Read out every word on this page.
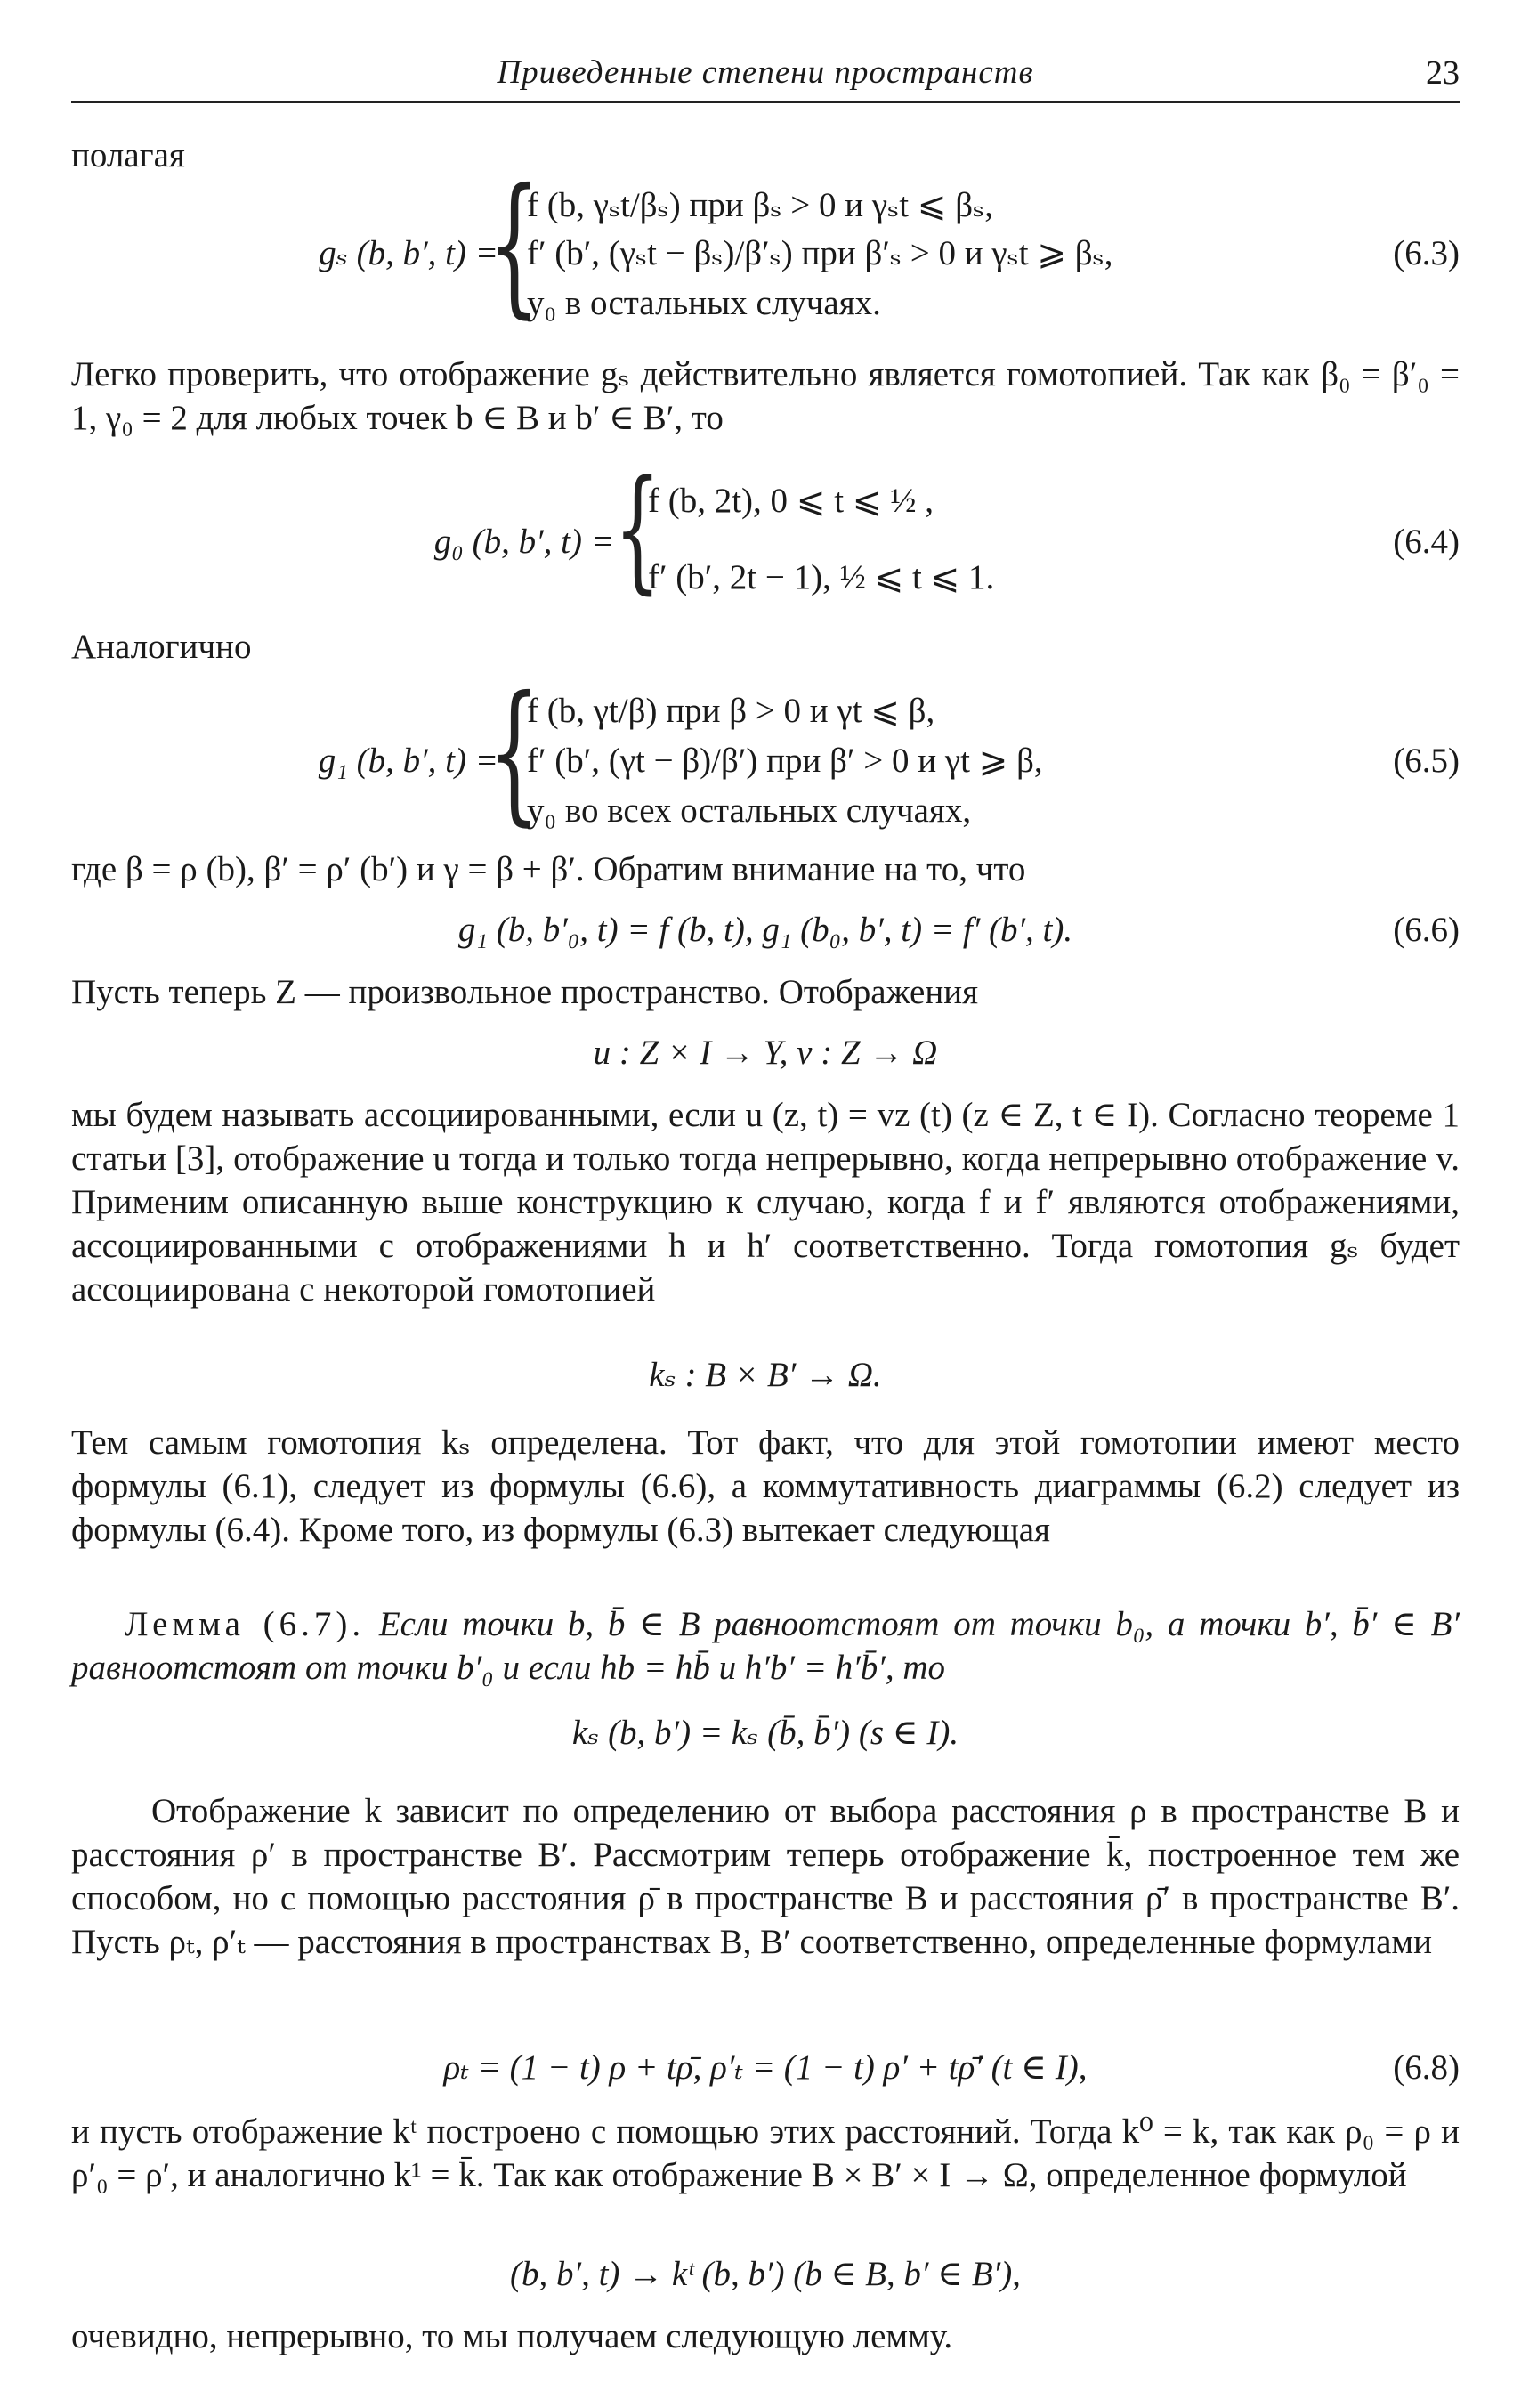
Приведенные степени пространств	23
полагая
gₛ (b, b′, t) =
{
f (b, γₛt/βₛ) при βₛ > 0 и γₛt ⩽ βₛ,
f′ (b′, (γₛt − βₛ)/β′ₛ) при β′ₛ > 0 и γₛt ⩾ βₛ,
y₀ в остальных случаях.
(6.3)
Легко проверить, что отображение gₛ действительно является гомотопией. Так как β₀ = β′₀ = 1, γ₀ = 2 для любых точек b ∈ B и b′ ∈ B′, то
g₀ (b, b′, t) = {
f (b, 2t), 0 ⩽ t ⩽ ½ ,
f′ (b′, 2t − 1), ½ ⩽ t ⩽ 1.
(6.4)
Аналогично
g₁ (b, b′, t) =
{
f (b, γt/β) при β > 0 и γt ⩽ β,
f′ (b′, (γt − β)/β′) при β′ > 0 и γt ⩾ β,
y₀ во всех остальных случаях,
(6.5)
где β = ρ (b), β′ = ρ′ (b′) и γ = β + β′. Обратим внимание на то, что
g₁ (b, b′₀, t) = f (b, t), g₁ (b₀, b′, t) = f′ (b′, t).	(6.6)
Пусть теперь Z — произвольное пространство. Отображения
u : Z × I → Y, v : Z → Ω
мы будем называть ассоциированными, если u (z, t) = vz (t) (z ∈ Z, t ∈ I). Согласно теореме 1 статьи [3], отображение u тогда и только тогда непрерывно, когда непрерывно отображение v. Применим описанную выше конструкцию к случаю, когда f и f′ являются отображениями, ассоциированными с отображениями h и h′ соответственно. Тогда гомотопия gₛ будет ассоциирована с некоторой гомотопией
kₛ : B × B′ → Ω.
Тем самым гомотопия kₛ определена. Тот факт, что для этой гомотопии имеют место формулы (6.1), следует из формулы (6.6), а коммутативность диаграммы (6.2) следует из формулы (6.4). Кроме того, из формулы (6.3) вытекает следующая
Лемма (6.7). Если точки b, b̄ ∈ B равноотстоят от точки b₀, а точки b′, b̄′ ∈ B′ равноотстоят от точки b′₀ и если hb = hb̄ и h′b′ = h′b̄′, то
kₛ (b, b′) = kₛ (b̄, b̄′) (s ∈ I).
Отображение k зависит по определению от выбора расстояния ρ в пространстве B и расстояния ρ′ в пространстве B′. Рассмотрим теперь отображение k̄, построенное тем же способом, но с помощью расстояния ρ̄ в пространстве B и расстояния ρ̄′ в пространстве B′. Пусть ρₜ, ρ′ₜ — расстояния в пространствах B, B′ соответственно, определенные формулами
ρₜ = (1 − t) ρ + tρ̄, ρ′ₜ = (1 − t) ρ′ + tρ̄′ (t ∈ I),	(6.8)
и пусть отображение kᵗ построено с помощью этих расстояний. Тогда k⁰ = k, так как ρ₀ = ρ и ρ′₀ = ρ′, и аналогично k¹ = k̄. Так как отображение B × B′ × I → Ω, определенное формулой
(b, b′, t) → kᵗ (b, b′) (b ∈ B, b′ ∈ B′),
очевидно, непрерывно, то мы получаем следующую лемму.
